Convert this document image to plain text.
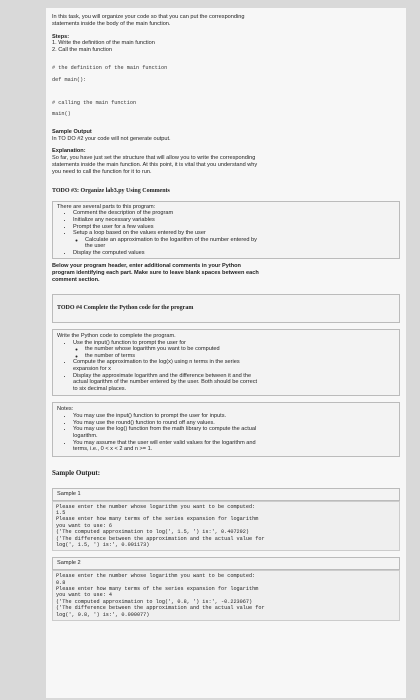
In this task, you will organize your code so that you can put the corresponding

statements inside the body of the main function.

Steps:

1. Write the definition of the main function

2. Call the main function

# the definition of the main function

def main():

# calling the main function

main()

Sample Output

In TO DO #2 your code will not generate output.

Explanation:

So far, you have just set the structure that will allow you to write the corresponding

statements inside the main function. At this point, it is vital that you understand why

you need to call the function for it to run.

TODO #3: Organize lab3.py Using Comments

There are several parts to this program:

• Comment the description of the program
• Initialize any necessary variables
• Prompt the user for a few values
• Setup a loop based on the values entered by the user
◦ Calculate an approximation to the logarithm of the number entered by
the user
• Display the computed values

Below your program header, enter additional comments in your Python

program identifying each part. Make sure to leave blank spaces between each

comment section.

TODO #4 Complete the Python code for the program

Write the Python code to complete the program.

• Use the input() function to prompt the user for
◦ the number whose logarithm you want to be computed
◦ the number of terms
• Compute the approximation to the log(x) using n terms in the series
expansion for x
• Display the approximate logarithm and the difference between it and the
actual logarithm of the number entered by the user. Both should be correct
to six decimal places.

Notes:

• You may use the input() function to prompt the user for inputs.
• You may use the round() function to round off any values.
• You may use the log() function from the math library to compute the actual
logarithm.
• You may assume that the user will enter valid values for the logarithm and
terms, i.e., 0 < x < 2 and n >= 1.

Sample Output:

Sample 1

Please enter the number whose logarithm you want to be computed:
1.5
Please enter how many terms of the series expansion for logarithm
you want to use: 6
('The computed approximation to log(', 1.5, ') is:', 0.407292)
('The difference between the approximation and the actual value for
log(', 1.5, ') is:', 0.001173)

Sample 2

Please enter the number whose logarithm you want to be computed:
0.8
Please enter how many terms of the series expansion for logarithm
you want to use: 4
('The computed approximation to log(', 0.8, ') is:', -0.223067)
('The difference between the approximation and the actual value for
log(', 0.8, ') is:', 0.000077)
